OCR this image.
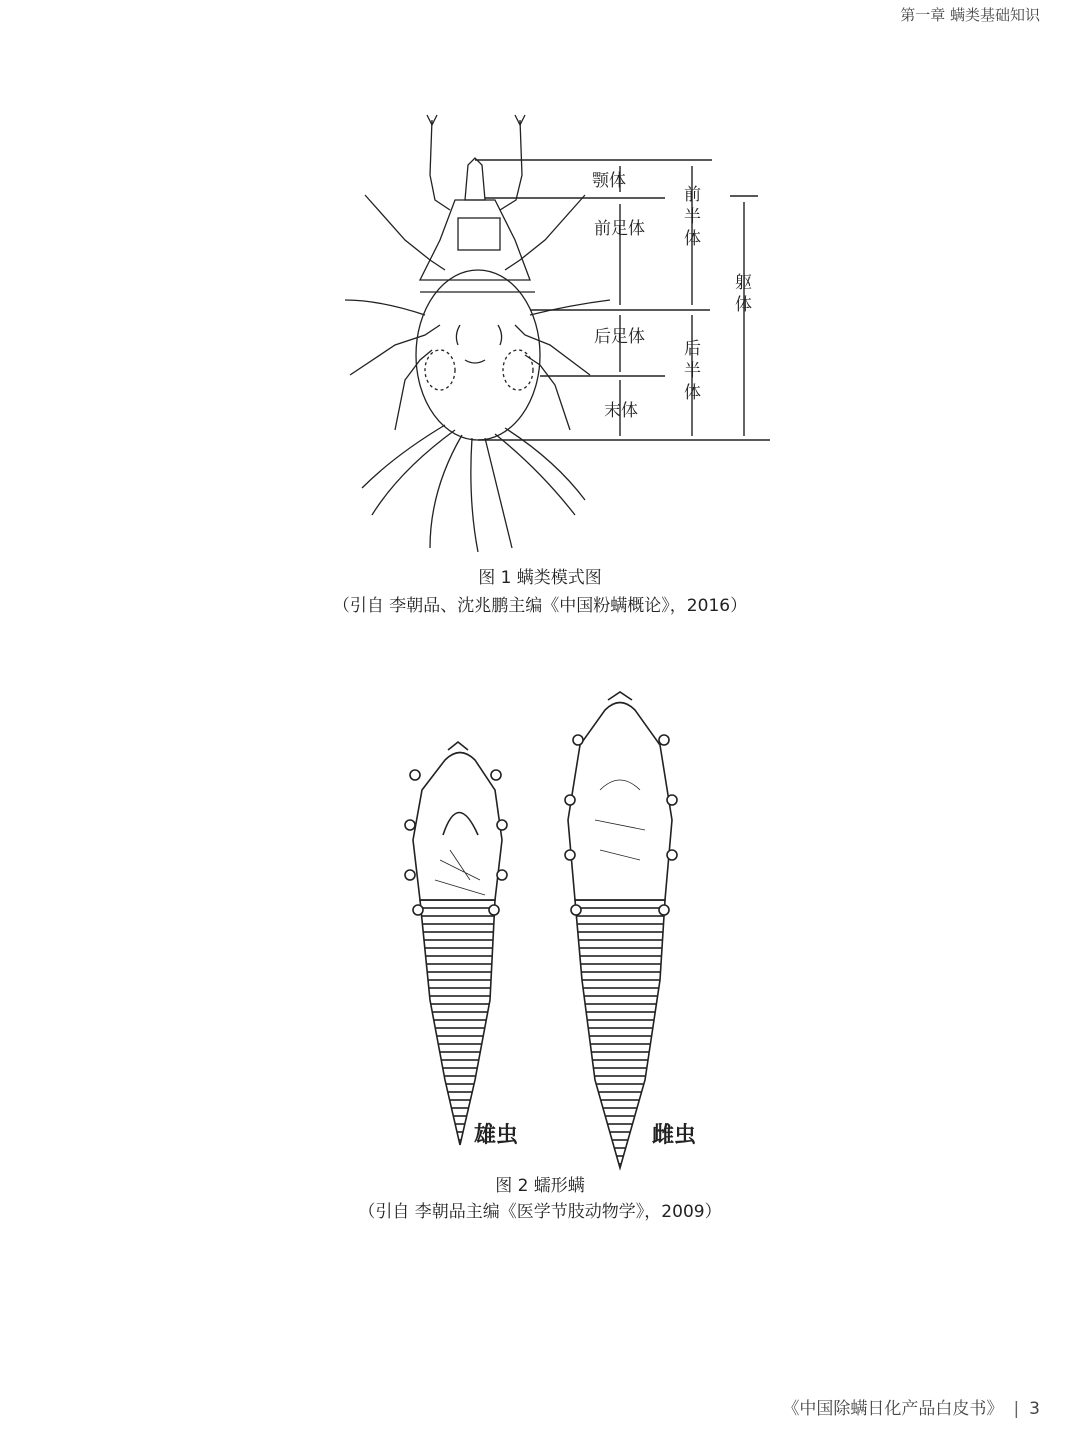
第一章 螨类基础知识
颚体
前足体
后足体
末体
前
半
体
后
半
体
躯
体
图 1 螨类模式图
（引自 李朝品、沈兆鹏主编《中国粉螨概论》，2016）
雄虫	雌虫
图 2 蠕形螨
（引自 李朝品主编《医学节肢动物学》，2009）
《中国除螨日化产品白皮书》 | 3
